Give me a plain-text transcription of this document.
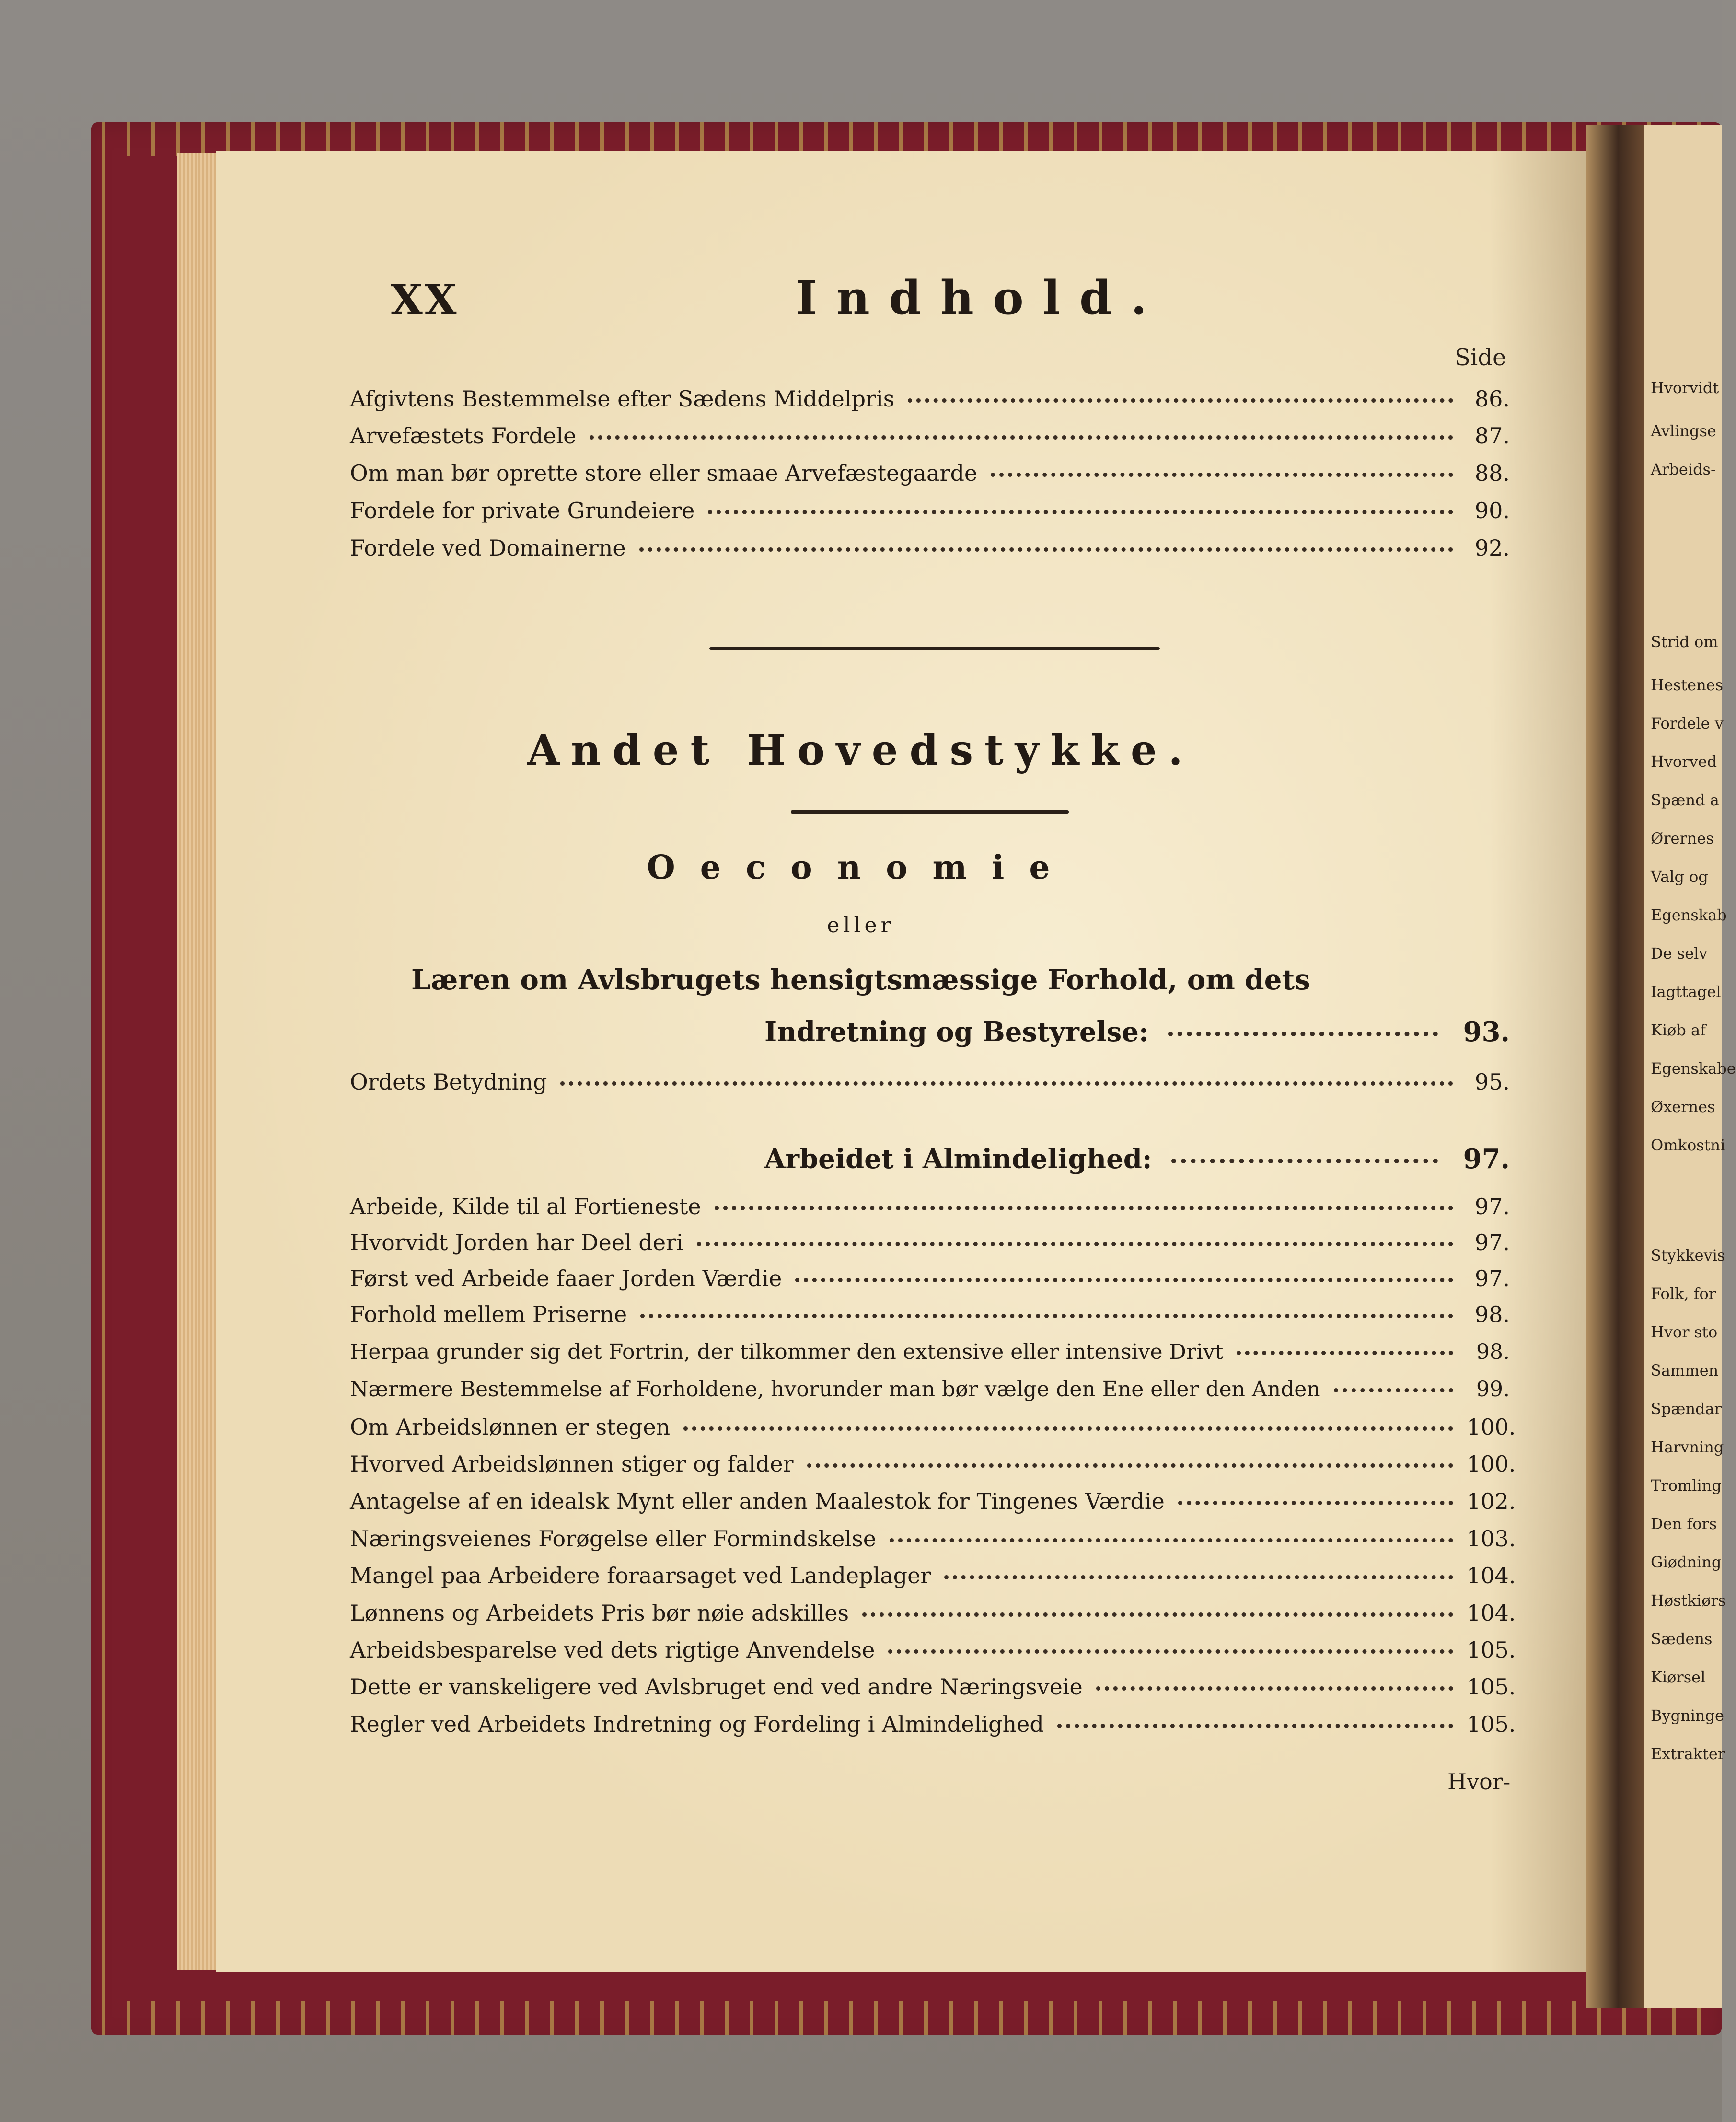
Hvorvidt
Avlingse
Arbeids-
Strid om
Hestenes
Fordele v
Hvorved
Spænd a
Ørernes
Valg og
Egenskab
De selv
Iagttagel
Kiøb af
Egenskabe
Øxernes
Omkostni
Stykkevis
Folk, for
Hvor sto
Sammen
Spændar
Harvning
Tromling
Den fors
Giødning
Høstkiørs
Sædens
Kiørsel
Bygninge
Extrakter
XX	Indhold.
Side
Afgivtens Bestemmelse efter Sædens Middelpris	86.
Arvefæstets Fordele	87.
Om man bør oprette store eller smaae Arvefæstegaarde	88.
Fordele for private Grundeiere	90.
Fordele ved Domainerne	92.
Andet Hovedstykke.
Oeconomie
eller
Læren om Avlsbrugets hensigtsmæssige Forhold, om dets
Indretning og Bestyrelse:	93.
Ordets Betydning	95.
Arbeidet i Almindelighed:	97.
Arbeide, Kilde til al Fortieneste	97.
Hvorvidt Jorden har Deel deri	97.
Først ved Arbeide faaer Jorden Værdie	97.
Forhold mellem Priserne	98.
Herpaa grunder sig det Fortrin, der tilkommer den extensive eller intensive Drivt	98.
Nærmere Bestemmelse af Forholdene, hvorunder man bør vælge den Ene eller den Anden	99.
Om Arbeidslønnen er stegen	100.
Hvorved Arbeidslønnen stiger og falder	100.
Antagelse af en idealsk Mynt eller anden Maalestok for Tingenes Værdie	102.
Næringsveienes Forøgelse eller Formindskelse	103.
Mangel paa Arbeidere foraarsaget ved Landeplager	104.
Lønnens og Arbeidets Pris bør nøie adskilles	104.
Arbeidsbesparelse ved dets rigtige Anvendelse	105.
Dette er vanskeligere ved Avlsbruget end ved andre Næringsveie	105.
Regler ved Arbeidets Indretning og Fordeling i Almindelighed	105.
Hvor-
